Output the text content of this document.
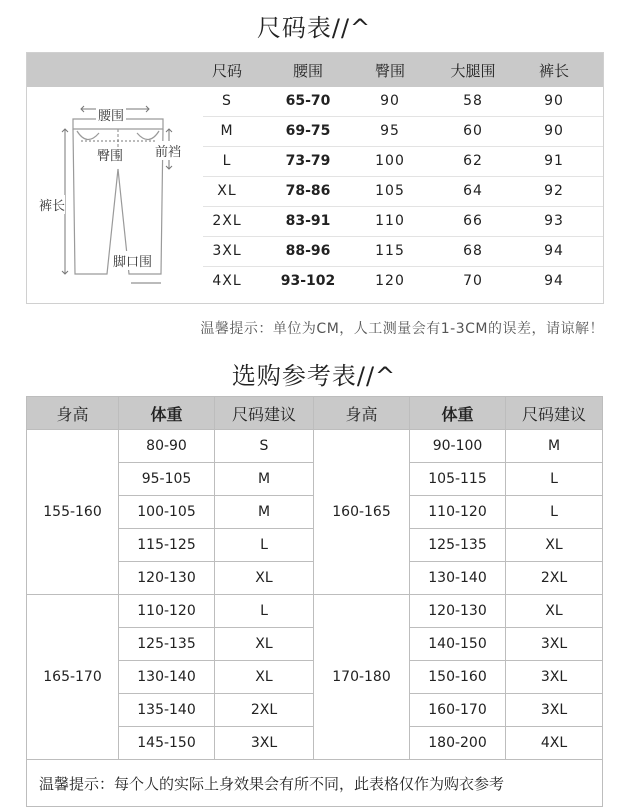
尺码表//^
尺码	腰围	臀围	大腿围	裤长
腰围
臀围 前裆
裤长
脚口围
S	65-70	90	58	90
M	69-75	95	60	90
L	73-79	100	62	91
XL	78-86	105	64	92
2XL	83-91	110	66	93
3XL	88-96	115	68	94
4XL	93-102	120	70	94
温馨提示：单位为CM，人工测量会有1-3CM的误差，请谅解！
选购参考表//^
身高	体重	尺码建议	身高	体重	尺码建议
155-160	80-90	S	160-165	90-100	M
	95-105	M		105-115	L
	100-105	M		110-120	L
	115-125	L		125-135	XL
	120-130	XL		130-140	2XL
165-170	110-120	L	170-180	120-130	XL
	125-135	XL		140-150	3XL
	130-140	XL		150-160	3XL
	135-140	2XL		160-170	3XL
	145-150	3XL		180-200	4XL
温馨提示：每个人的实际上身效果会有所不同，此表格仅作为购衣参考					
